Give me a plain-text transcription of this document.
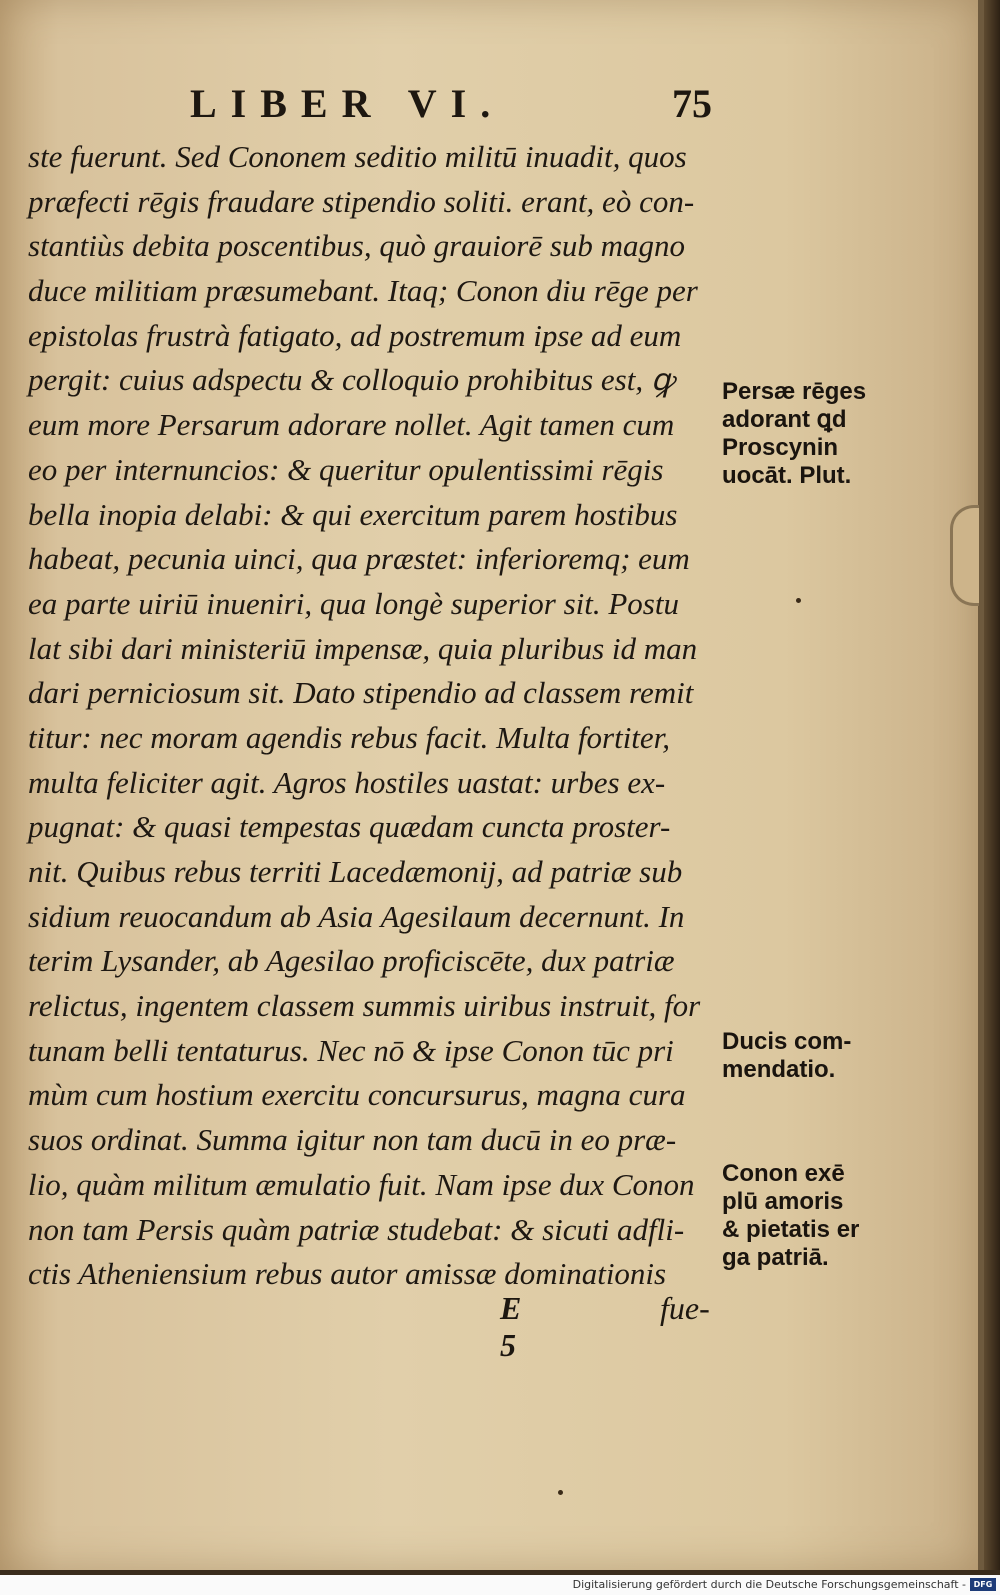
LIBER VI.	75
ste fuerunt. Sed Cononem seditio militū inuadit, quos
præfecti rēgis fraudare stipendio soliti. erant, eò con-
stantiùs debita poscentibus, quò grauiorē sub magno
duce militiam præsumebant. Itaq; Conon diu rēge per
epistolas frustrà fatigato, ad postremum ipse ad eum
pergit: cuius adspectu & colloquio prohibitus est, ꝙ
eum more Persarum adorare nollet. Agit tamen cum
eo per internuncios: & queritur opulentissimi rēgis
bella inopia delabi: & qui exercitum parem hostibus
habeat, pecunia uinci, qua præstet: inferioremq; eum
ea parte uiriū inueniri, qua longè superior sit. Postu
lat sibi dari ministeriū impensæ, quia pluribus id man
dari perniciosum sit. Dato stipendio ad classem remit
titur: nec moram agendis rebus facit. Multa fortiter,
multa feliciter agit. Agros hostiles uastat: urbes ex-
pugnat: & quasi tempestas quædam cuncta proster-
nit. Quibus rebus territi Lacedæmonij, ad patriæ sub
sidium reuocandum ab Asia Agesilaum decernunt. In
terim Lysander, ab Agesilao proficiscēte, dux patriæ
relictus, ingentem classem summis uiribus instruit, for
tunam belli tentaturus. Nec nō & ipse Conon tūc pri
mùm cum hostium exercitu concursurus, magna cura
suos ordinat. Summa igitur non tam ducū in eo præ-
lio, quàm militum æmulatio fuit. Nam ipse dux Conon
non tam Persis quàm patriæ studebat: & sicuti adfli-
ctis Atheniensium rebus autor amissæ dominationis
E 5
fue-
Persæ rēges
adorant ꝗd
Proscynin
uocāt. Plut.
Ducis com-
mendatio.
Conon exē
plū amoris
& pietatis er
ga patriā.
Digitalisierung gefördert durch die Deutsche Forschungsgemeinschaft - DFG
